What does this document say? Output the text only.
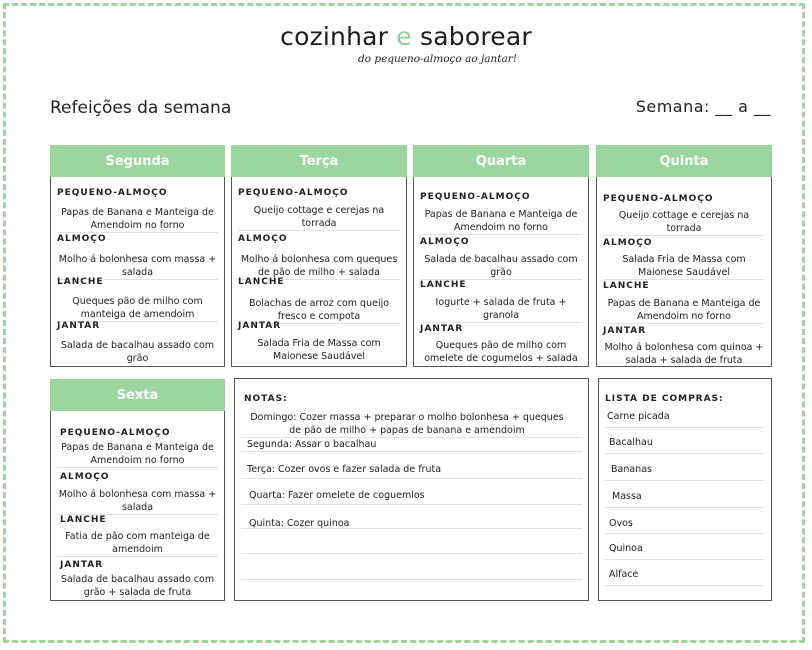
cozinhar e saborear
do pequeno-almoço ao jantar!
Refeições da semana	Semana: __ a __
Segunda
PEQUENO-ALMOÇO
Papas de Banana e Manteiga de Amendoim no forno
ALMOÇO
Molho á bolonhesa com massa + salada
LANCHE
Queques pão de milho com manteiga de amendoim
JANTAR
Salada de bacalhau assado com grão
Terça
PEQUENO-ALMOÇO
Queijo cottage e cerejas na torrada
ALMOÇO
Molho á bolonhesa com queques de pão de milho + salada
LANCHE
Bolachas de arroz com queijo fresco e compota
JANTAR
Salada Fria de Massa com Maionese Saudável
Quarta
PEQUENO-ALMOÇO
Papas de Banana e Manteiga de Amendoim no forno
ALMOÇO
Salada de bacalhau assado com grão
LANCHE
Iogurte + salada de fruta + granola
JANTAR
Queques pão de milho com omelete de cogumelos + salada
Quinta
PEQUENO-ALMOÇO
Queijo cottage e cerejas na torrada
ALMOÇO
Salada Fria de Massa com Maionese Saudável
LANCHE
Papas de Banana e Manteiga de Amendoim no forno
JANTAR
Molho á bolonhesa com quinoa + salada + salada de fruta
Sexta
PEQUENO-ALMOÇO
Papas de Banana e Manteiga de Amendoim no forno
ALMOÇO
Molho á bolonhesa com massa + salada
LANCHE
Fatia de pão com manteiga de amendoim
JANTAR
Salada de bacalhau assado com grão + salada de fruta
NOTAS:
Domingo: Cozer massa + preparar o molho bolonhesa + queques de pão de milho + papas de banana e amendoim
Segunda: Assar o bacalhau
Terça: Cozer ovos e fazer salada de fruta
Quarta: Fazer omelete de coguemlos
Quinta: Cozer quinoa
LISTA DE COMPRAS:
Carne picada
Bacalhau
Bananas
Massa
Ovos
Quinoa
Alface
